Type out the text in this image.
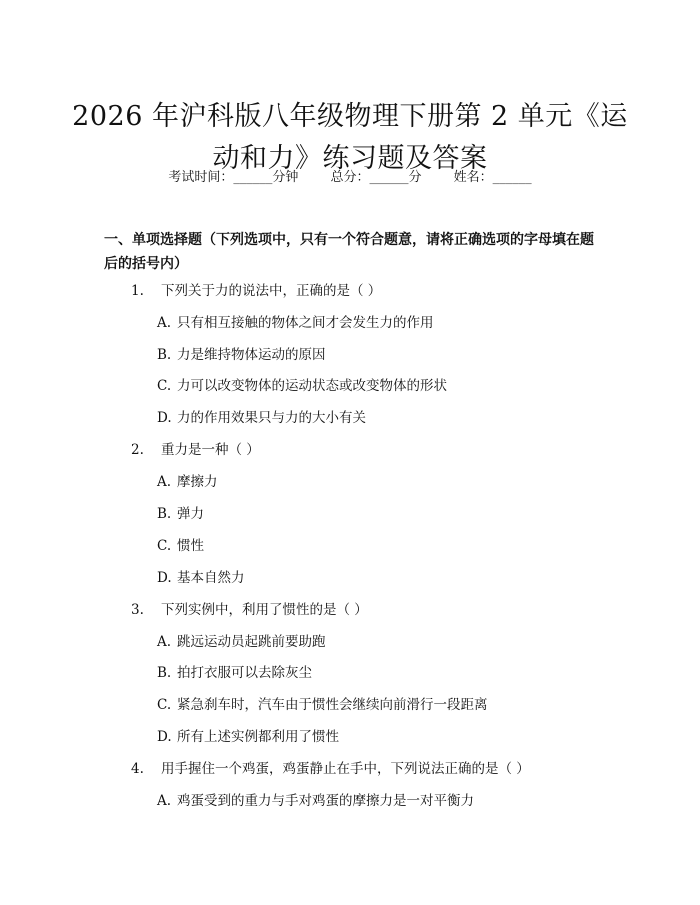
2026 年沪科版八年级物理下册第 2 单元《运
动和力》练习题及答案
考试时间：______分钟 总分：______分 姓名：______
一、单项选择题（下列选项中，只有一个符合题意，请将正确选项的字母填在题后的括号内）
1. 下列关于力的说法中，正确的是（ ）
A. 只有相互接触的物体之间才会发生力的作用
B. 力是维持物体运动的原因
C. 力可以改变物体的运动状态或改变物体的形状
D. 力的作用效果只与力的大小有关
2. 重力是一种（ ）
A. 摩擦力
B. 弹力
C. 惯性
D. 基本自然力
3. 下列实例中，利用了惯性的是（ ）
A. 跳远运动员起跳前要助跑
B. 拍打衣服可以去除灰尘
C. 紧急刹车时，汽车由于惯性会继续向前滑行一段距离
D. 所有上述实例都利用了惯性
4. 用手握住一个鸡蛋，鸡蛋静止在手中，下列说法正确的是（ ）
A. 鸡蛋受到的重力与手对鸡蛋的摩擦力是一对平衡力
